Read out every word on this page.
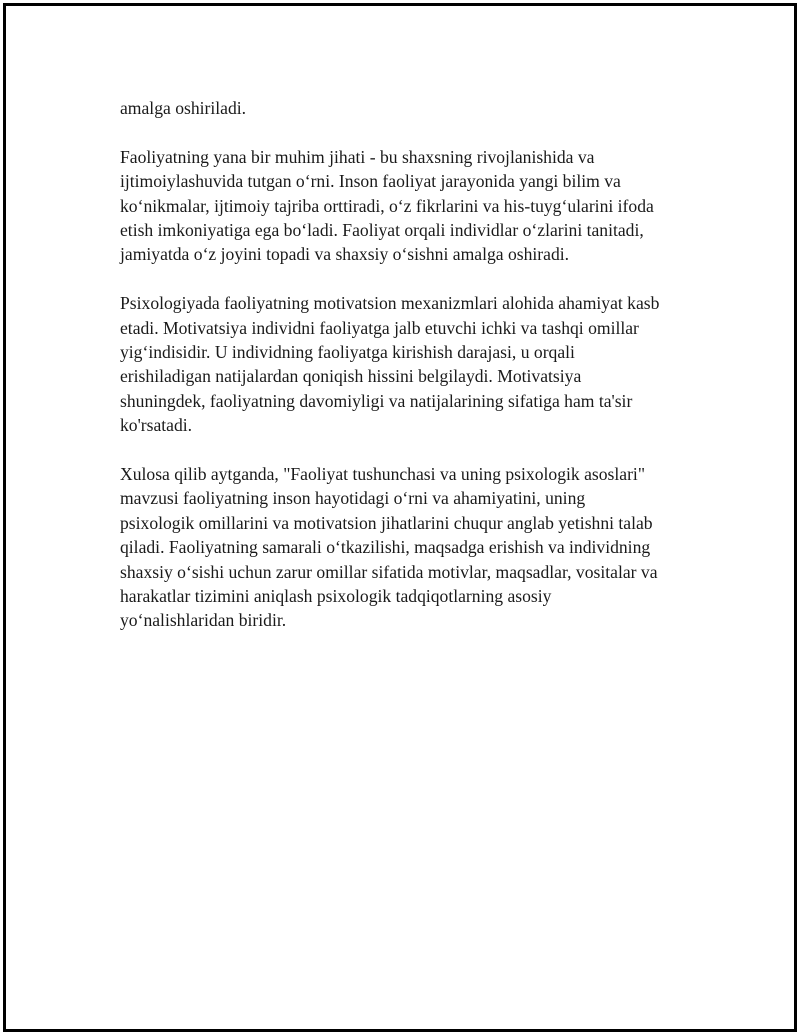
amalga oshiriladi.

Faoliyatning yana bir muhim jihati - bu shaxsning rivojlanishida va
ijtimoiylashuvida tutgan oʻrni. Inson faoliyat jarayonida yangi bilim va
koʻnikmalar, ijtimoiy tajriba orttiradi, oʻz fikrlarini va his-tuygʻularini ifoda
etish imkoniyatiga ega boʻladi. Faoliyat orqali individlar oʻzlarini tanitadi,
jamiyatda oʻz joyini topadi va shaxsiy oʻsishni amalga oshiradi.

Psixologiyada faoliyatning motivatsion mexanizmlari alohida ahamiyat kasb
etadi. Motivatsiya individni faoliyatga jalb etuvchi ichki va tashqi omillar
yigʻindisidir. U individning faoliyatga kirishish darajasi, u orqali
erishiladigan natijalardan qoniqish hissini belgilaydi. Motivatsiya
shuningdek, faoliyatning davomiyligi va natijalarining sifatiga ham ta'sir
ko'rsatadi.

Xulosa qilib aytganda, "Faoliyat tushunchasi va uning psixologik asoslari"
mavzusi faoliyatning inson hayotidagi oʻrni va ahamiyatini, uning
psixologik omillarini va motivatsion jihatlarini chuqur anglab yetishni talab
qiladi. Faoliyatning samarali oʻtkazilishi, maqsadga erishish va individning
shaxsiy oʻsishi uchun zarur omillar sifatida motivlar, maqsadlar, vositalar va
harakatlar tizimini aniqlash psixologik tadqiqotlarning asosiy
yoʻnalishlaridan biridir.
